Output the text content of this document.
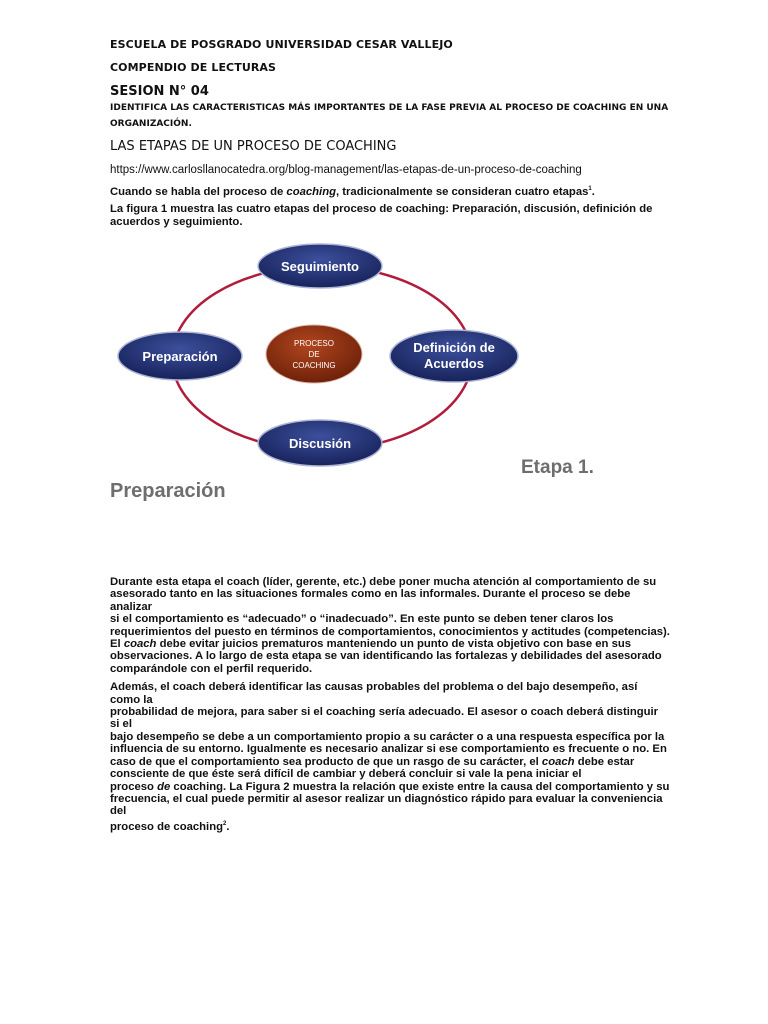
ESCUELA DE POSGRADO UNIVERSIDAD CESAR VALLEJO
COMPENDIO DE LECTURAS
SESION N° 04
IDENTIFICA LAS CARACTERISTICAS MÁS IMPORTANTES DE LA FASE PREVIA AL PROCESO DE COACHING EN UNA
ORGANIZACIÓN.
LAS ETAPAS DE UN PROCESO DE COACHING
https://www.carlosllanocatedra.org/blog-management/las-etapas-de-un-proceso-de-coaching
Cuando se habla del proceso de coaching, tradicionalmente se consideran cuatro etapas$^1$.
La figura 1 muestra las cuatro etapas del proceso de coaching: Preparación, discusión, definición de
acuerdos y seguimiento.
Seguimiento
Preparación
Definición de
Acuerdos
Discusión
PROCESO
DE
COACHING
Etapa 1.
Preparación

Durante esta etapa el coach (líder, gerente, etc.) debe poner mucha atención al comportamiento de su
asesorado tanto en las situaciones formales como en las informales. Durante el proceso se debe analizar
si el comportamiento es “adecuado” o “inadecuado”. En este punto se deben tener claros los
requerimientos del puesto en términos de comportamientos, conocimientos y actitudes (competencias).
El coach debe evitar juicios prematuros manteniendo un punto de vista objetivo con base en sus
observaciones. A lo largo de esta etapa se van identificando las fortalezas y debilidades del asesorado
comparándole con el perfil requerido.

Además, el coach deberá identificar las causas probables del problema o del bajo desempeño, así como la
probabilidad de mejora, para saber si el coaching sería adecuado. El asesor o coach deberá distinguir si el
bajo desempeño se debe a un comportamiento propio a su carácter o a una respuesta específica por la
influencia de su entorno. Igualmente es necesario analizar si ese comportamiento es frecuente o no. En
caso de que el comportamiento sea producto de que un rasgo de su carácter, el coach debe estar
consciente de que éste será difícil de cambiar y deberá concluir si vale la pena iniciar el
proceso de coaching. La Figura 2 muestra la relación que existe entre la causa del comportamiento y su
frecuencia, el cual puede permitir al asesor realizar un diagnóstico rápido para evaluar la conveniencia del
proceso de coaching$^2$.
